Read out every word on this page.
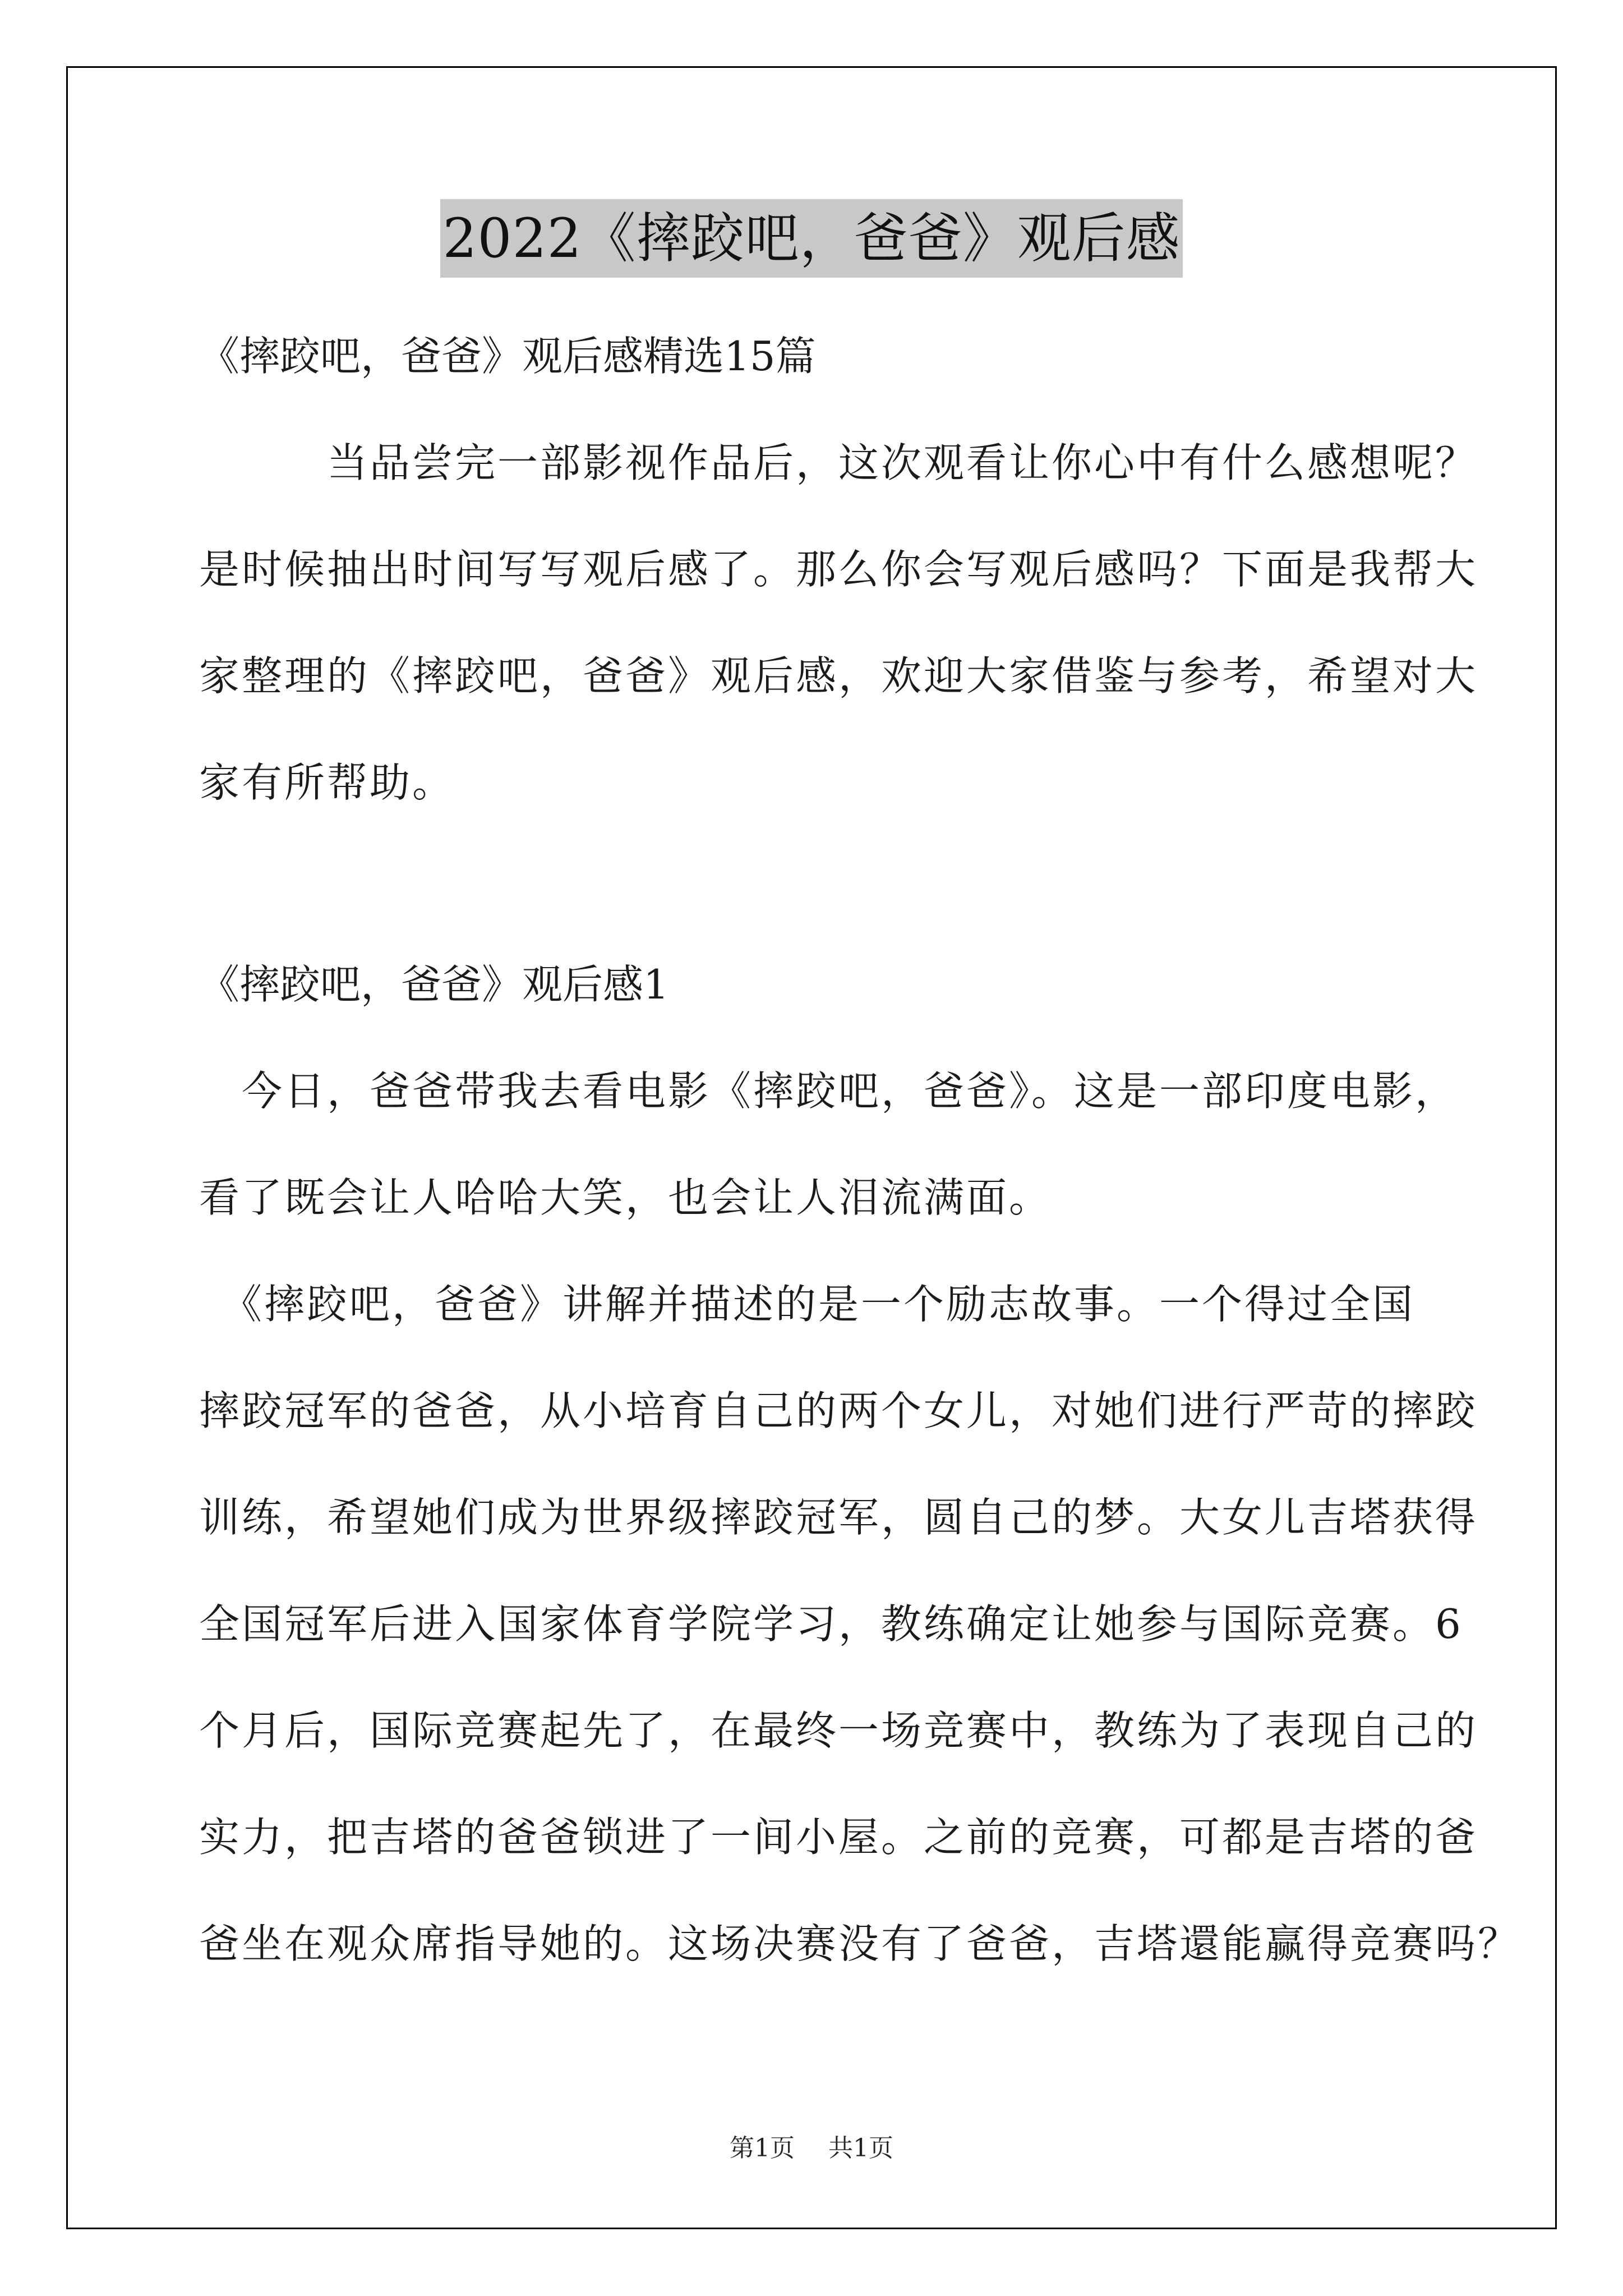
2022《摔跤吧，爸爸》观后感
《摔跤吧，爸爸》观后感精选15篇
　　　当品尝完一部影视作品后，这次观看让你心中有什么感想呢？
是时候抽出时间写写观后感了。那么你会写观后感吗？下面是我帮大
家整理的《摔跤吧，爸爸》观后感，欢迎大家借鉴与参考，希望对大
家有所帮助。
《摔跤吧，爸爸》观后感1
　今日，爸爸带我去看电影《摔跤吧，爸爸》。这是一部印度电影，
看了既会让人哈哈大笑，也会让人泪流满面。
　《摔跤吧，爸爸》讲解并描述的是一个励志故事。一个得过全国
摔跤冠军的爸爸，从小培育自己的两个女儿，对她们进行严苛的摔跤
训练，希望她们成为世界级摔跤冠军，圆自己的梦。大女儿吉塔获得
全国冠军后进入国家体育学院学习，教练确定让她参与国际竞赛。6
个月后，国际竞赛起先了，在最终一场竞赛中，教练为了表现自己的
实力，把吉塔的爸爸锁进了一间小屋。之前的竞赛，可都是吉塔的爸
爸坐在观众席指导她的。这场决赛没有了爸爸，吉塔還能赢得竞赛吗？
第1页 共1页
